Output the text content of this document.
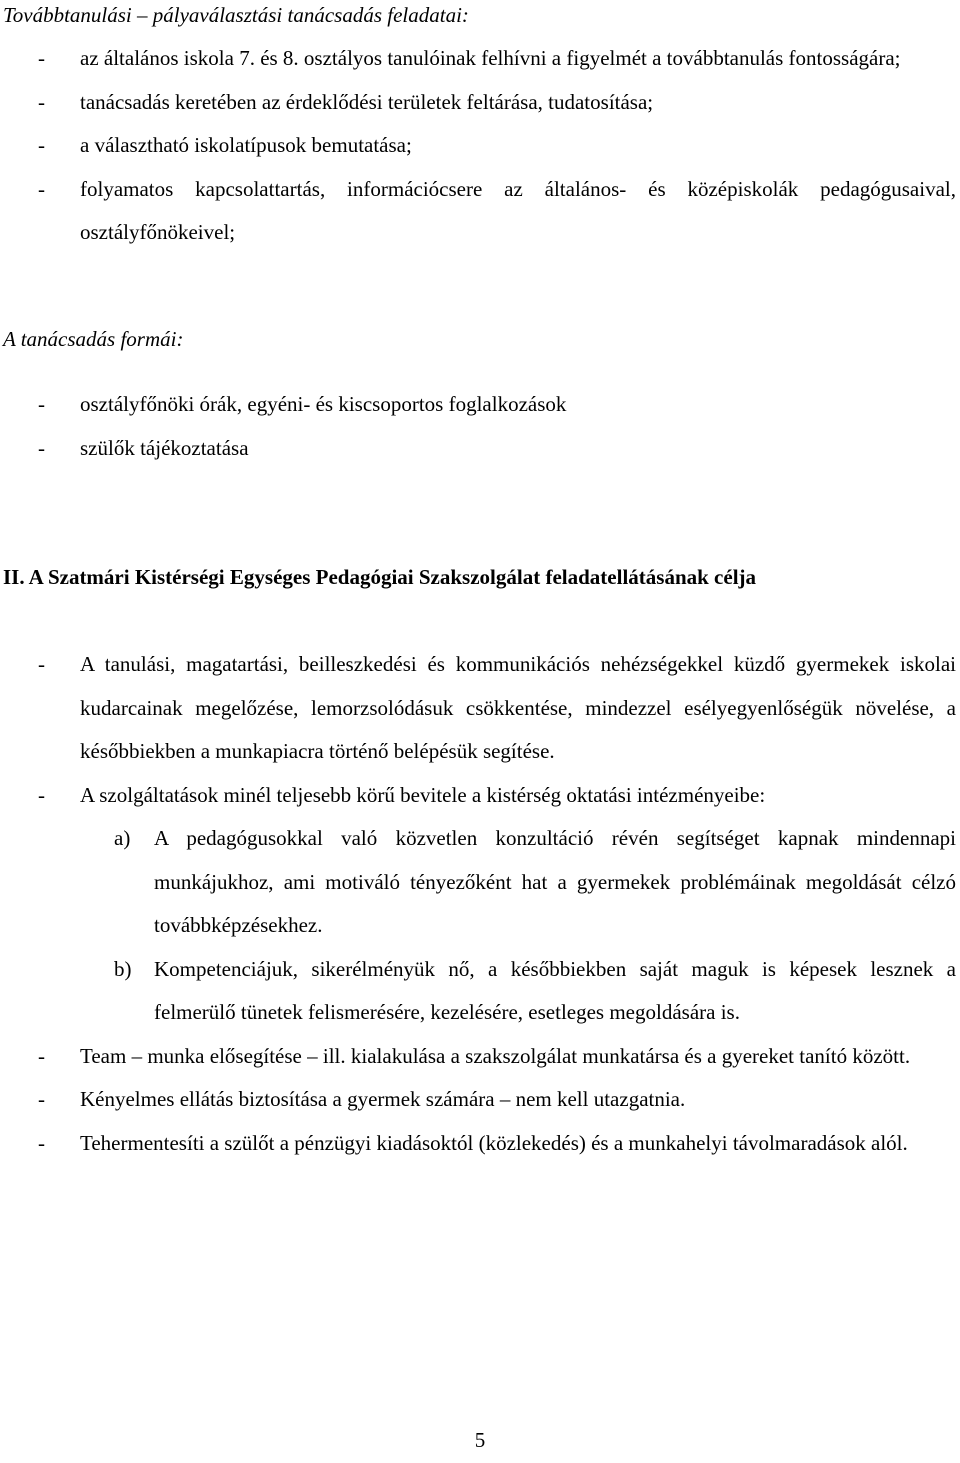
Továbbtanulási – pályaválasztási tanácsadás feladatai:
- az általános iskola 7. és 8. osztályos tanulóinak felhívni a figyelmét a továbbtanulás fontosságára;
- tanácsadás keretében az érdeklődési területek feltárása, tudatosítása;
- a választható iskolatípusok bemutatása;
- folyamatos kapcsolattartás, információcsere az általános- és középiskolák pedagógusaival, osztályfőnökeivel;
A tanácsadás formái:
- osztályfőnöki órák, egyéni- és kiscsoportos foglalkozások
- szülők tájékoztatása
II. A Szatmári Kistérségi Egységes Pedagógiai Szakszolgálat feladatellátásának célja
- A tanulási, magatartási, beilleszkedési és kommunikációs nehézségekkel küzdő gyermekek iskolai kudarcainak megelőzése, lemorzsolódásuk csökkentése, mindezzel esélyegyenlőségük növelése, a későbbiekben a munkapiacra történő belépésük segítése.
- A szolgáltatások minél teljesebb körű bevitele a kistérség oktatási intézményeibe:
a) A pedagógusokkal való közvetlen konzultáció révén segítséget kapnak mindennapi munkájukhoz, ami motiváló tényezőként hat a gyermekek problémáinak megoldását célzó továbbképzésekhez.
b) Kompetenciájuk, sikerélményük nő, a későbbiekben saját maguk is képesek lesznek a felmerülő tünetek felismerésére, kezelésére, esetleges megoldására is.
- Team – munka elősegítése – ill. kialakulása a szakszolgálat munkatársa és a gyereket tanító között.
- Kényelmes ellátás biztosítása a gyermek számára – nem kell utazgatnia.
- Tehermentesíti a szülőt a pénzügyi kiadásoktól (közlekedés) és a munkahelyi távolmaradások alól.
5
